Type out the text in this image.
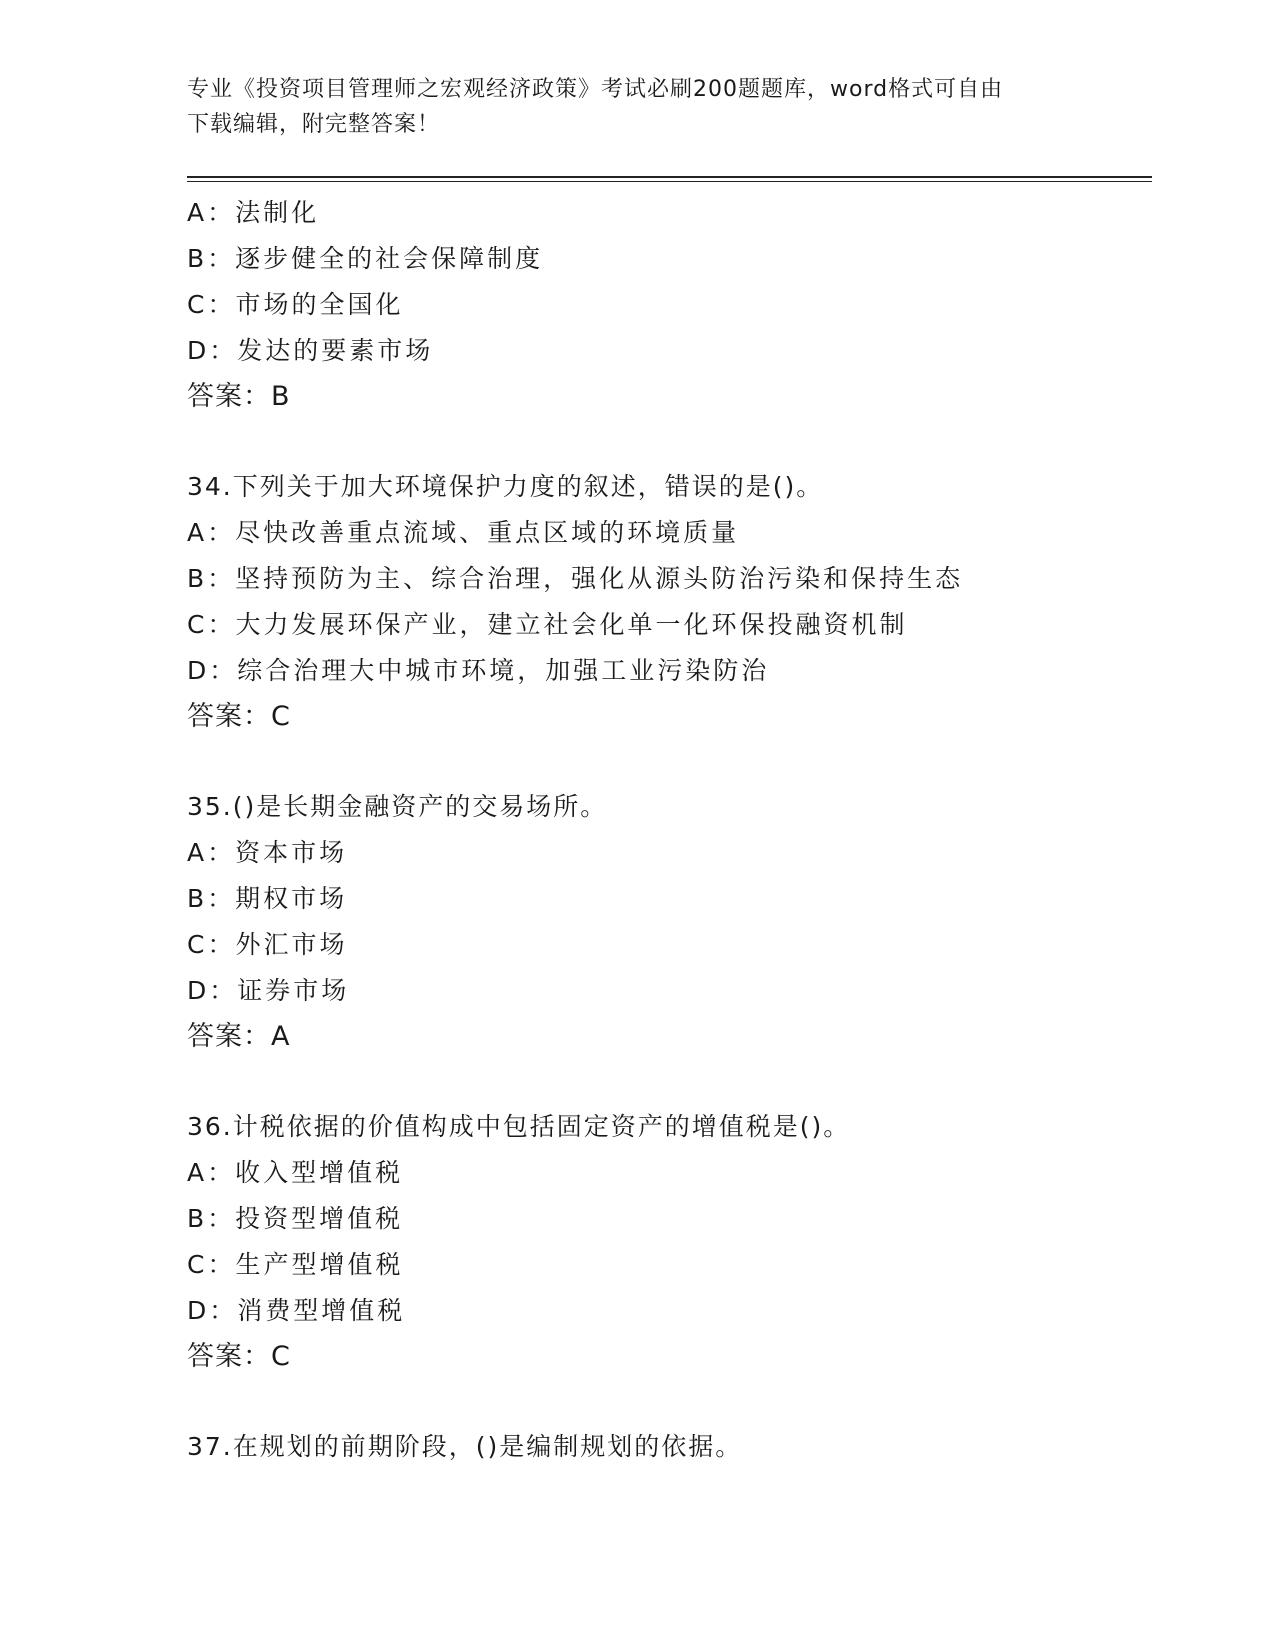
专业《投资项目管理师之宏观经济政策》考试必刷200题题库，word格式可自由
下载编辑，附完整答案！
A：法制化
B：逐步健全的社会保障制度
C：市场的全国化
D：发达的要素市场
答案：B
34.下列关于加大环境保护力度的叙述，错误的是()。
A：尽快改善重点流域、重点区域的环境质量
B：坚持预防为主、综合治理，强化从源头防治污染和保持生态
C：大力发展环保产业，建立社会化单一化环保投融资机制
D：综合治理大中城市环境，加强工业污染防治
答案：C
35.()是长期金融资产的交易场所。
A：资本市场
B：期权市场
C：外汇市场
D：证券市场
答案：A
36.计税依据的价值构成中包括固定资产的增值税是()。
A：收入型增值税
B：投资型增值税
C：生产型增值税
D：消费型增值税
答案：C
37.在规划的前期阶段，()是编制规划的依据。
